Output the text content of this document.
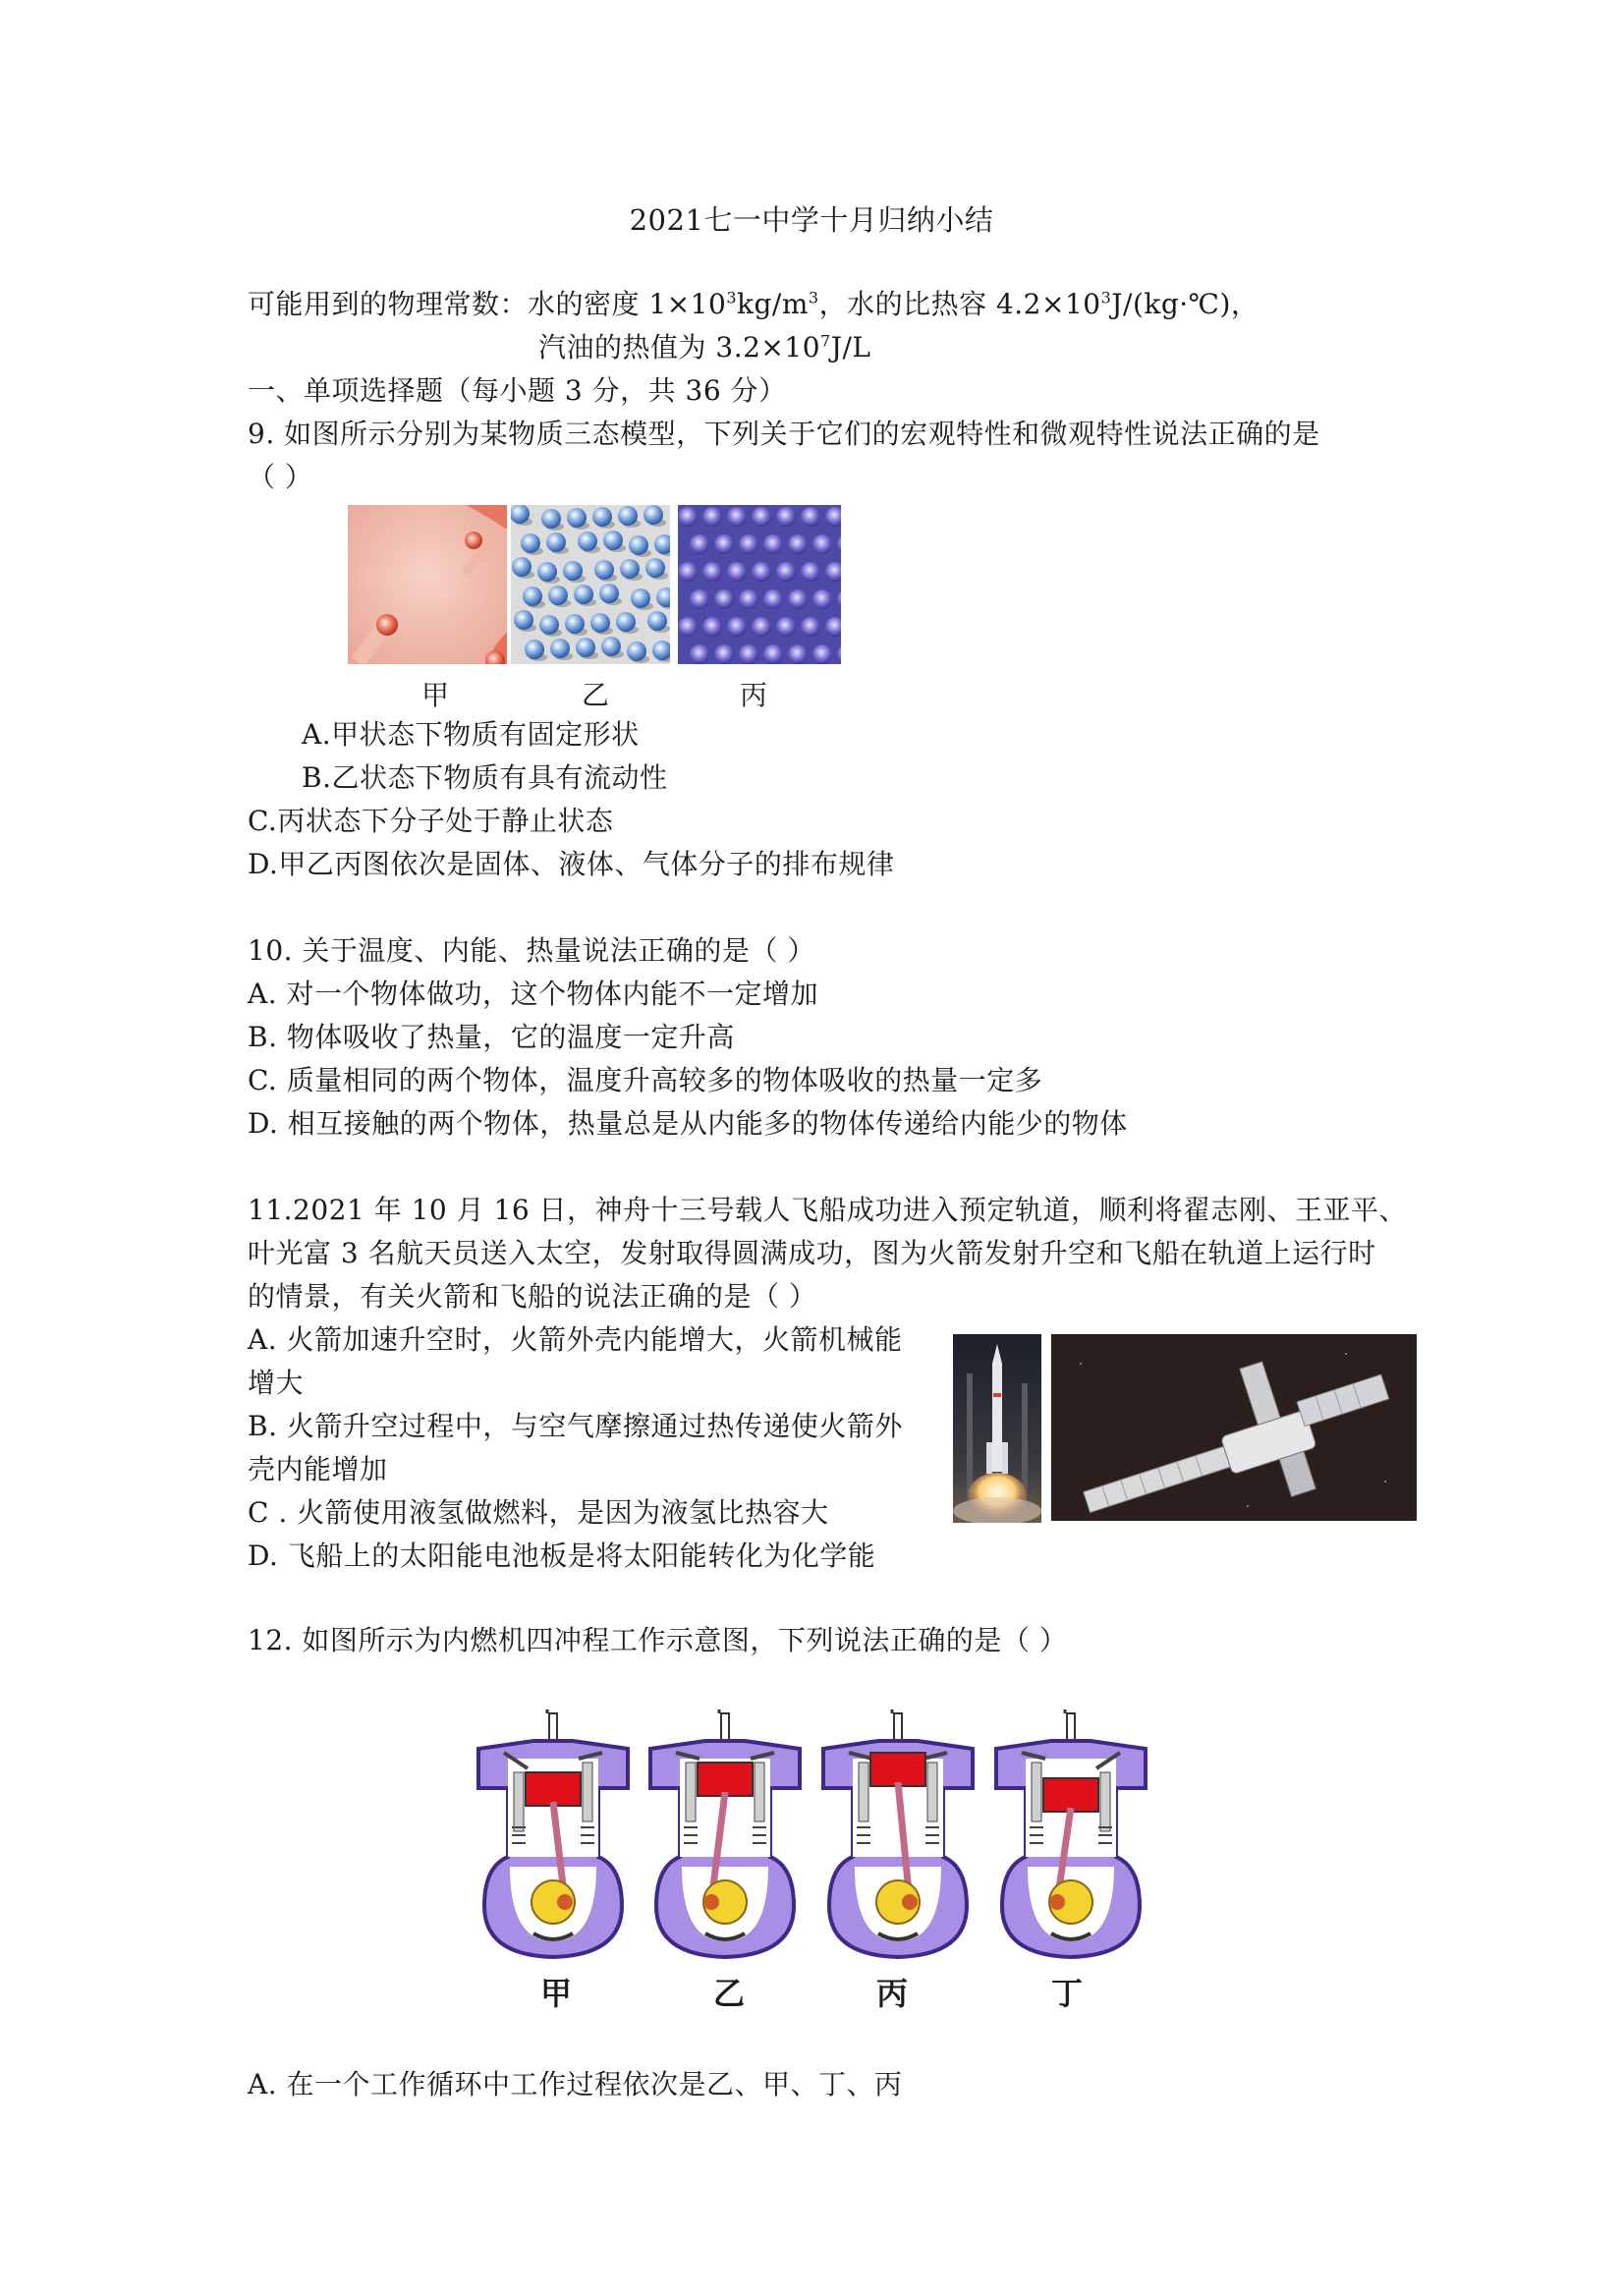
2021七一中学十月归纳小结
可能用到的物理常数：水的密度 $1\times 10^3kg/m^3$，水的比热容 $4.2\times 10^3J/(kg\cdot℃)$，
汽油的热值为 $3.2\times 10^7J/L$
一、单项选择题（每小题 3 分，共 36 分）
9. 如图所示分别为某物质三态模型，下列关于它们的宏观特性和微观特性说法正确的是
（ ）
甲	乙	丙
A.甲状态下物质有固定形状
B.乙状态下物质有具有流动性
C.丙状态下分子处于静止状态
D.甲乙丙图依次是固体、液体、气体分子的排布规律
10. 关于温度、内能、热量说法正确的是（ ）
A. 对一个物体做功，这个物体内能不一定增加
B. 物体吸收了热量，它的温度一定升高
C. 质量相同的两个物体，温度升高较多的物体吸收的热量一定多
D. 相互接触的两个物体，热量总是从内能多的物体传递给内能少的物体
11.2021 年 10 月 16 日，神舟十三号载人飞船成功进入预定轨道，顺利将翟志刚、王亚平、
叶光富 3 名航天员送入太空，发射取得圆满成功，图为火箭发射升空和飞船在轨道上运行时
的情景，有关火箭和飞船的说法正确的是（ ）
A. 火箭加速升空时，火箭外壳内能增大，火箭机械能
增大
B. 火箭升空过程中，与空气摩擦通过热传递使火箭外
壳内能增加
C . 火箭使用液氢做燃料，是因为液氢比热容大
D. 飞船上的太阳能电池板是将太阳能转化为化学能
12. 如图所示为内燃机四冲程工作示意图，下列说法正确的是（ ）
甲	乙	丙	丁
A. 在一个工作循环中工作过程依次是乙、甲、丁、丙
